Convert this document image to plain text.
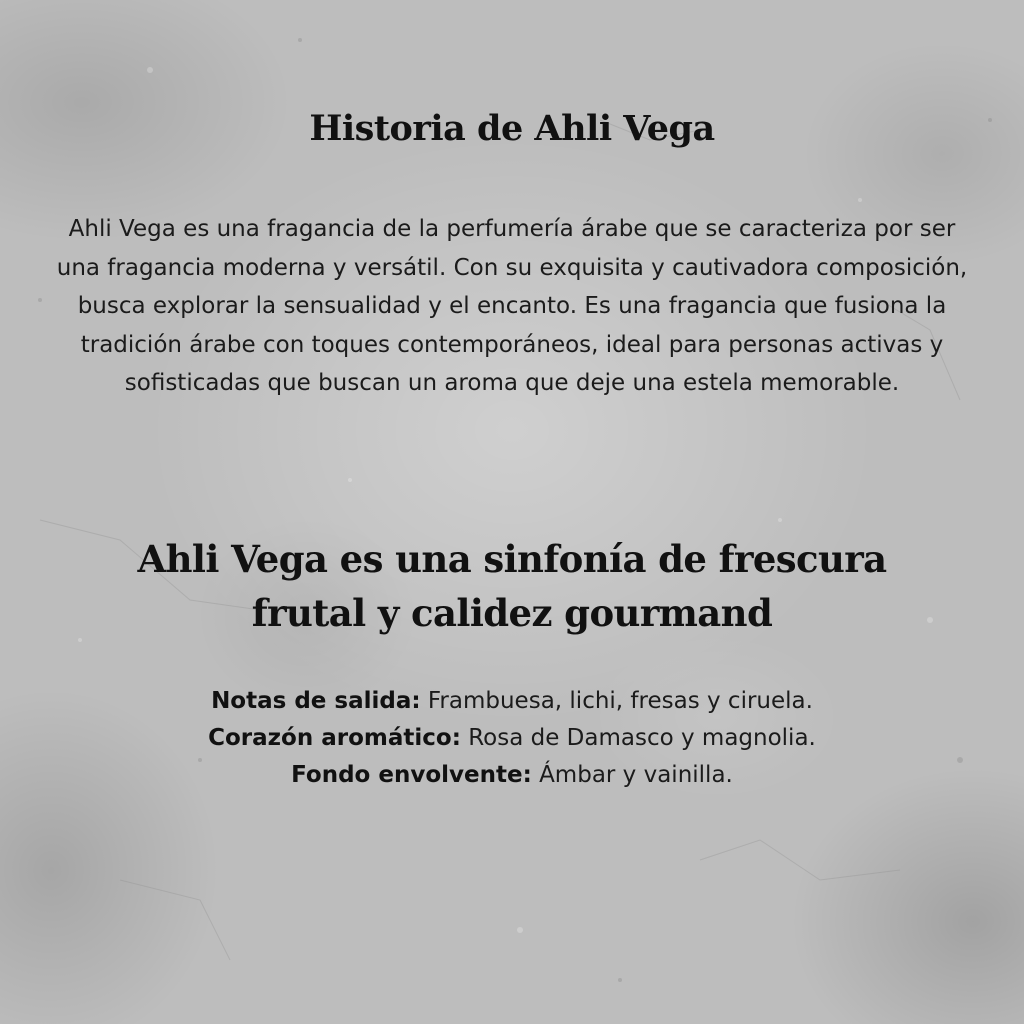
Historia de Ahli Vega

Ahli Vega es una fragancia de la perfumería árabe que se caracteriza por ser una fragancia moderna y versátil. Con su exquisita y cautivadora composición, busca explorar la sensualidad y el encanto. Es una fragancia que fusiona la tradición árabe con toques contemporáneos, ideal para personas activas y sofisticadas que buscan un aroma que deje una estela memorable.

Ahli Vega es una sinfonía de frescura frutal y calidez gourmand
Notas de salida: Frambuesa, lichi, fresas y ciruela.
Corazón aromático: Rosa de Damasco y magnolia.
Fondo envolvente: Ámbar y vainilla.
